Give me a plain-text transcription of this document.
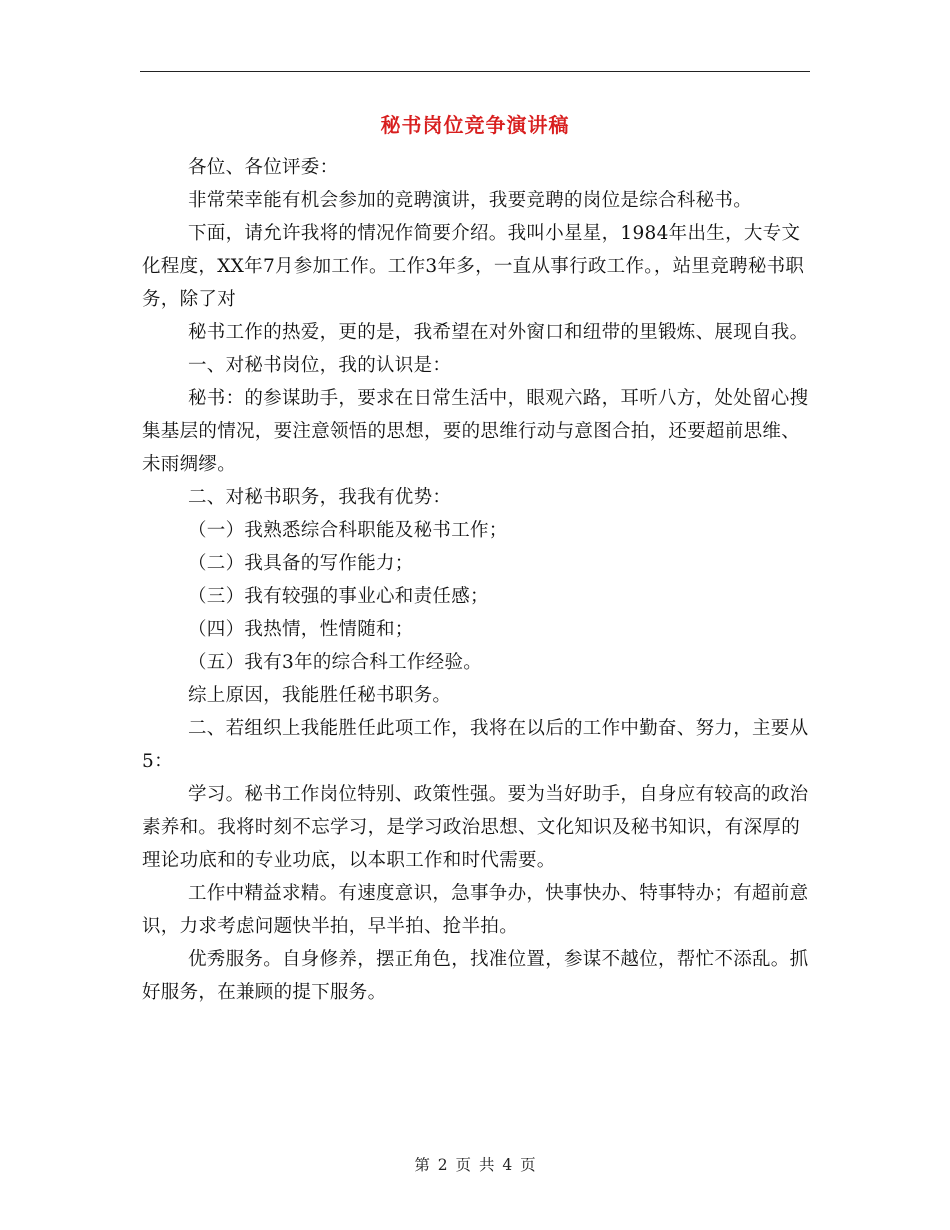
秘书岗位竞争演讲稿

各位、各位评委：

非常荣幸能有机会参加的竞聘演讲，我要竞聘的岗位是综合科秘书。

下面，请允许我将的情况作简要介绍。我叫小星星，1984年出生，大专文化程度，XX年7月参加工作。工作3年多，一直从事行政工作。，站里竞聘秘书职务，除了对

秘书工作的热爱，更的是，我希望在对外窗口和纽带的里锻炼、展现自我。

一、对秘书岗位，我的认识是：

秘书：的参谋助手，要求在日常生活中，眼观六路，耳听八方，处处留心搜集基层的情况，要注意领悟的思想，要的思维行动与意图合拍，还要超前思维、未雨绸缪。

二、对秘书职务，我我有优势：

（一）我熟悉综合科职能及秘书工作；

（二）我具备的写作能力；

（三）我有较强的事业心和责任感；

（四）我热情，性情随和；

（五）我有3年的综合科工作经验。

综上原因，我能胜任秘书职务。

二、若组织上我能胜任此项工作，我将在以后的工作中勤奋、努力，主要从5：

学习。秘书工作岗位特别、政策性强。要为当好助手，自身应有较高的政治素养和。我将时刻不忘学习，是学习政治思想、文化知识及秘书知识，有深厚的理论功底和的专业功底，以本职工作和时代需要。

工作中精益求精。有速度意识，急事争办，快事快办、特事特办；有超前意识，力求考虑问题快半拍，早半拍、抢半拍。

优秀服务。自身修养，摆正角色，找准位置，参谋不越位，帮忙不添乱。抓好服务，在兼顾的提下服务。

第 2 页 共 4 页
